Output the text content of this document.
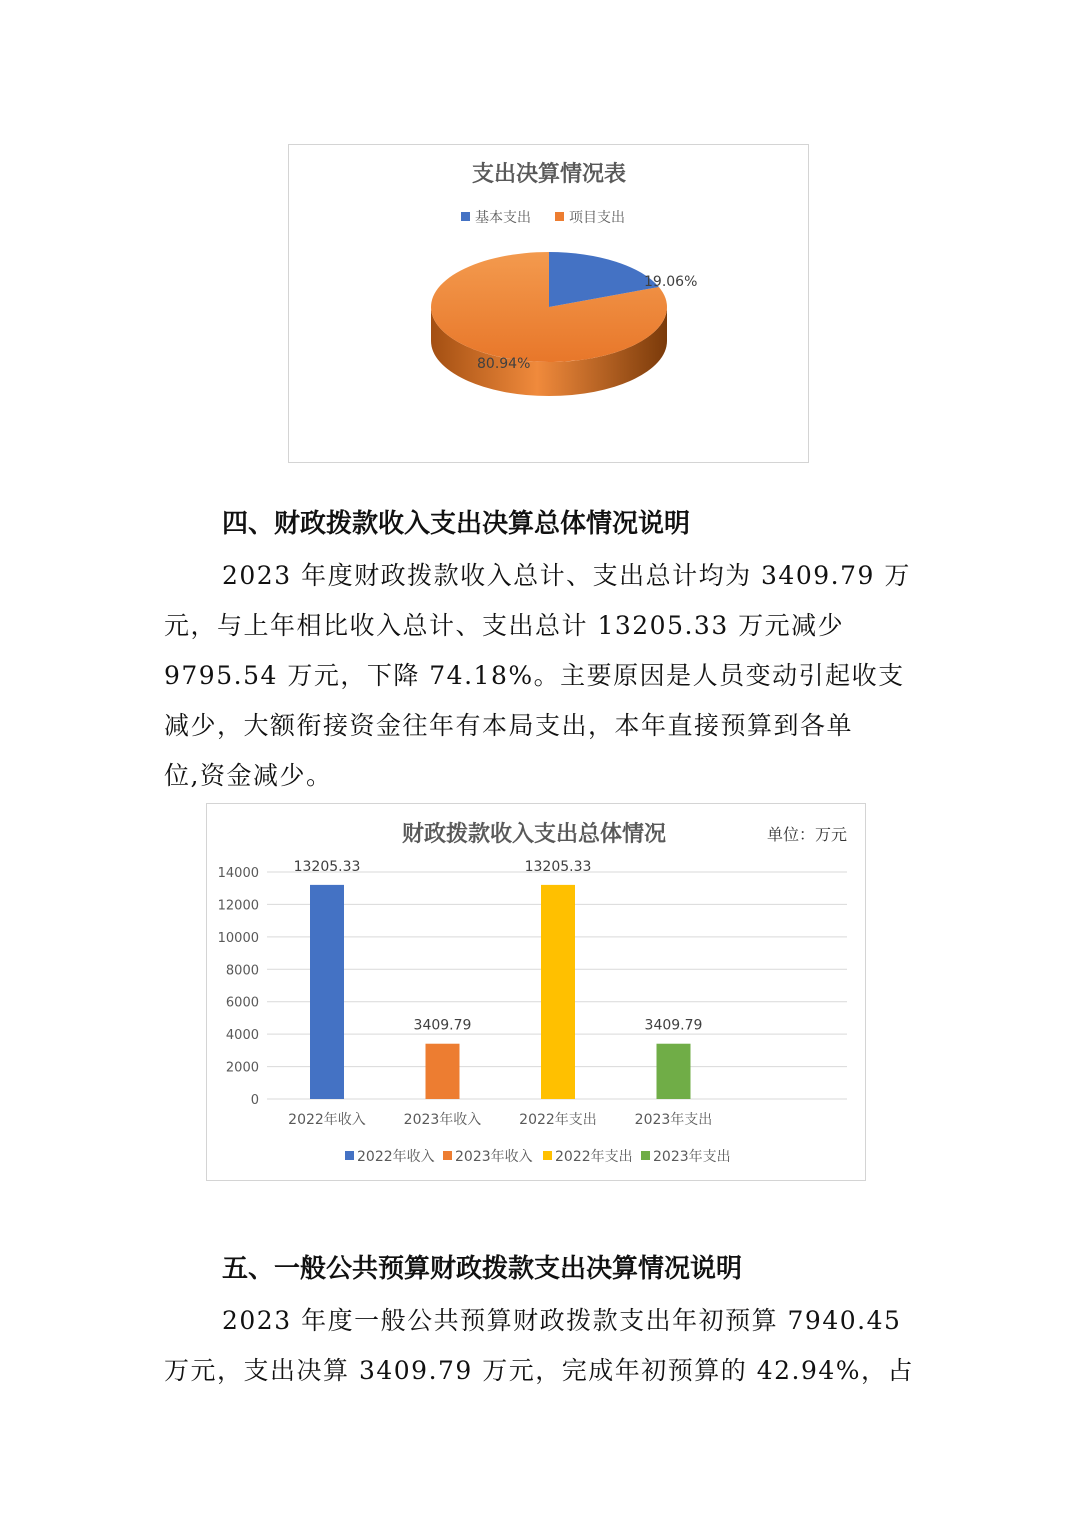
支出决算情况表
基本支出	项目支出
19.06%
80.94%
四、财政拨款收入支出决算总体情况说明

2023 年度财政拨款收入总计、支出总计均为 3409.79 万

元，与上年相比收入总计、支出总计 13205.33 万元减少

9795.54 万元，下降 74.18%。主要原因是人员变动引起收支

减少，大额衔接资金往年有本局支出，本年直接预算到各单

位,资金减少。

财政拨款收入支出总体情况	单位：万元
0
2000
4000
6000
8000
10000
12000
14000 13205.33
3409.79
13205.33
3409.79
2022年收入	2023年收入	2022年支出	2023年支出
2022年收入 2023年收入 2022年支出 2023年支出
五、一般公共预算财政拨款支出决算情况说明

2023 年度一般公共预算财政拨款支出年初预算 7940.45

万元，支出决算 3409.79 万元，完成年初预算的 42.94%，占
